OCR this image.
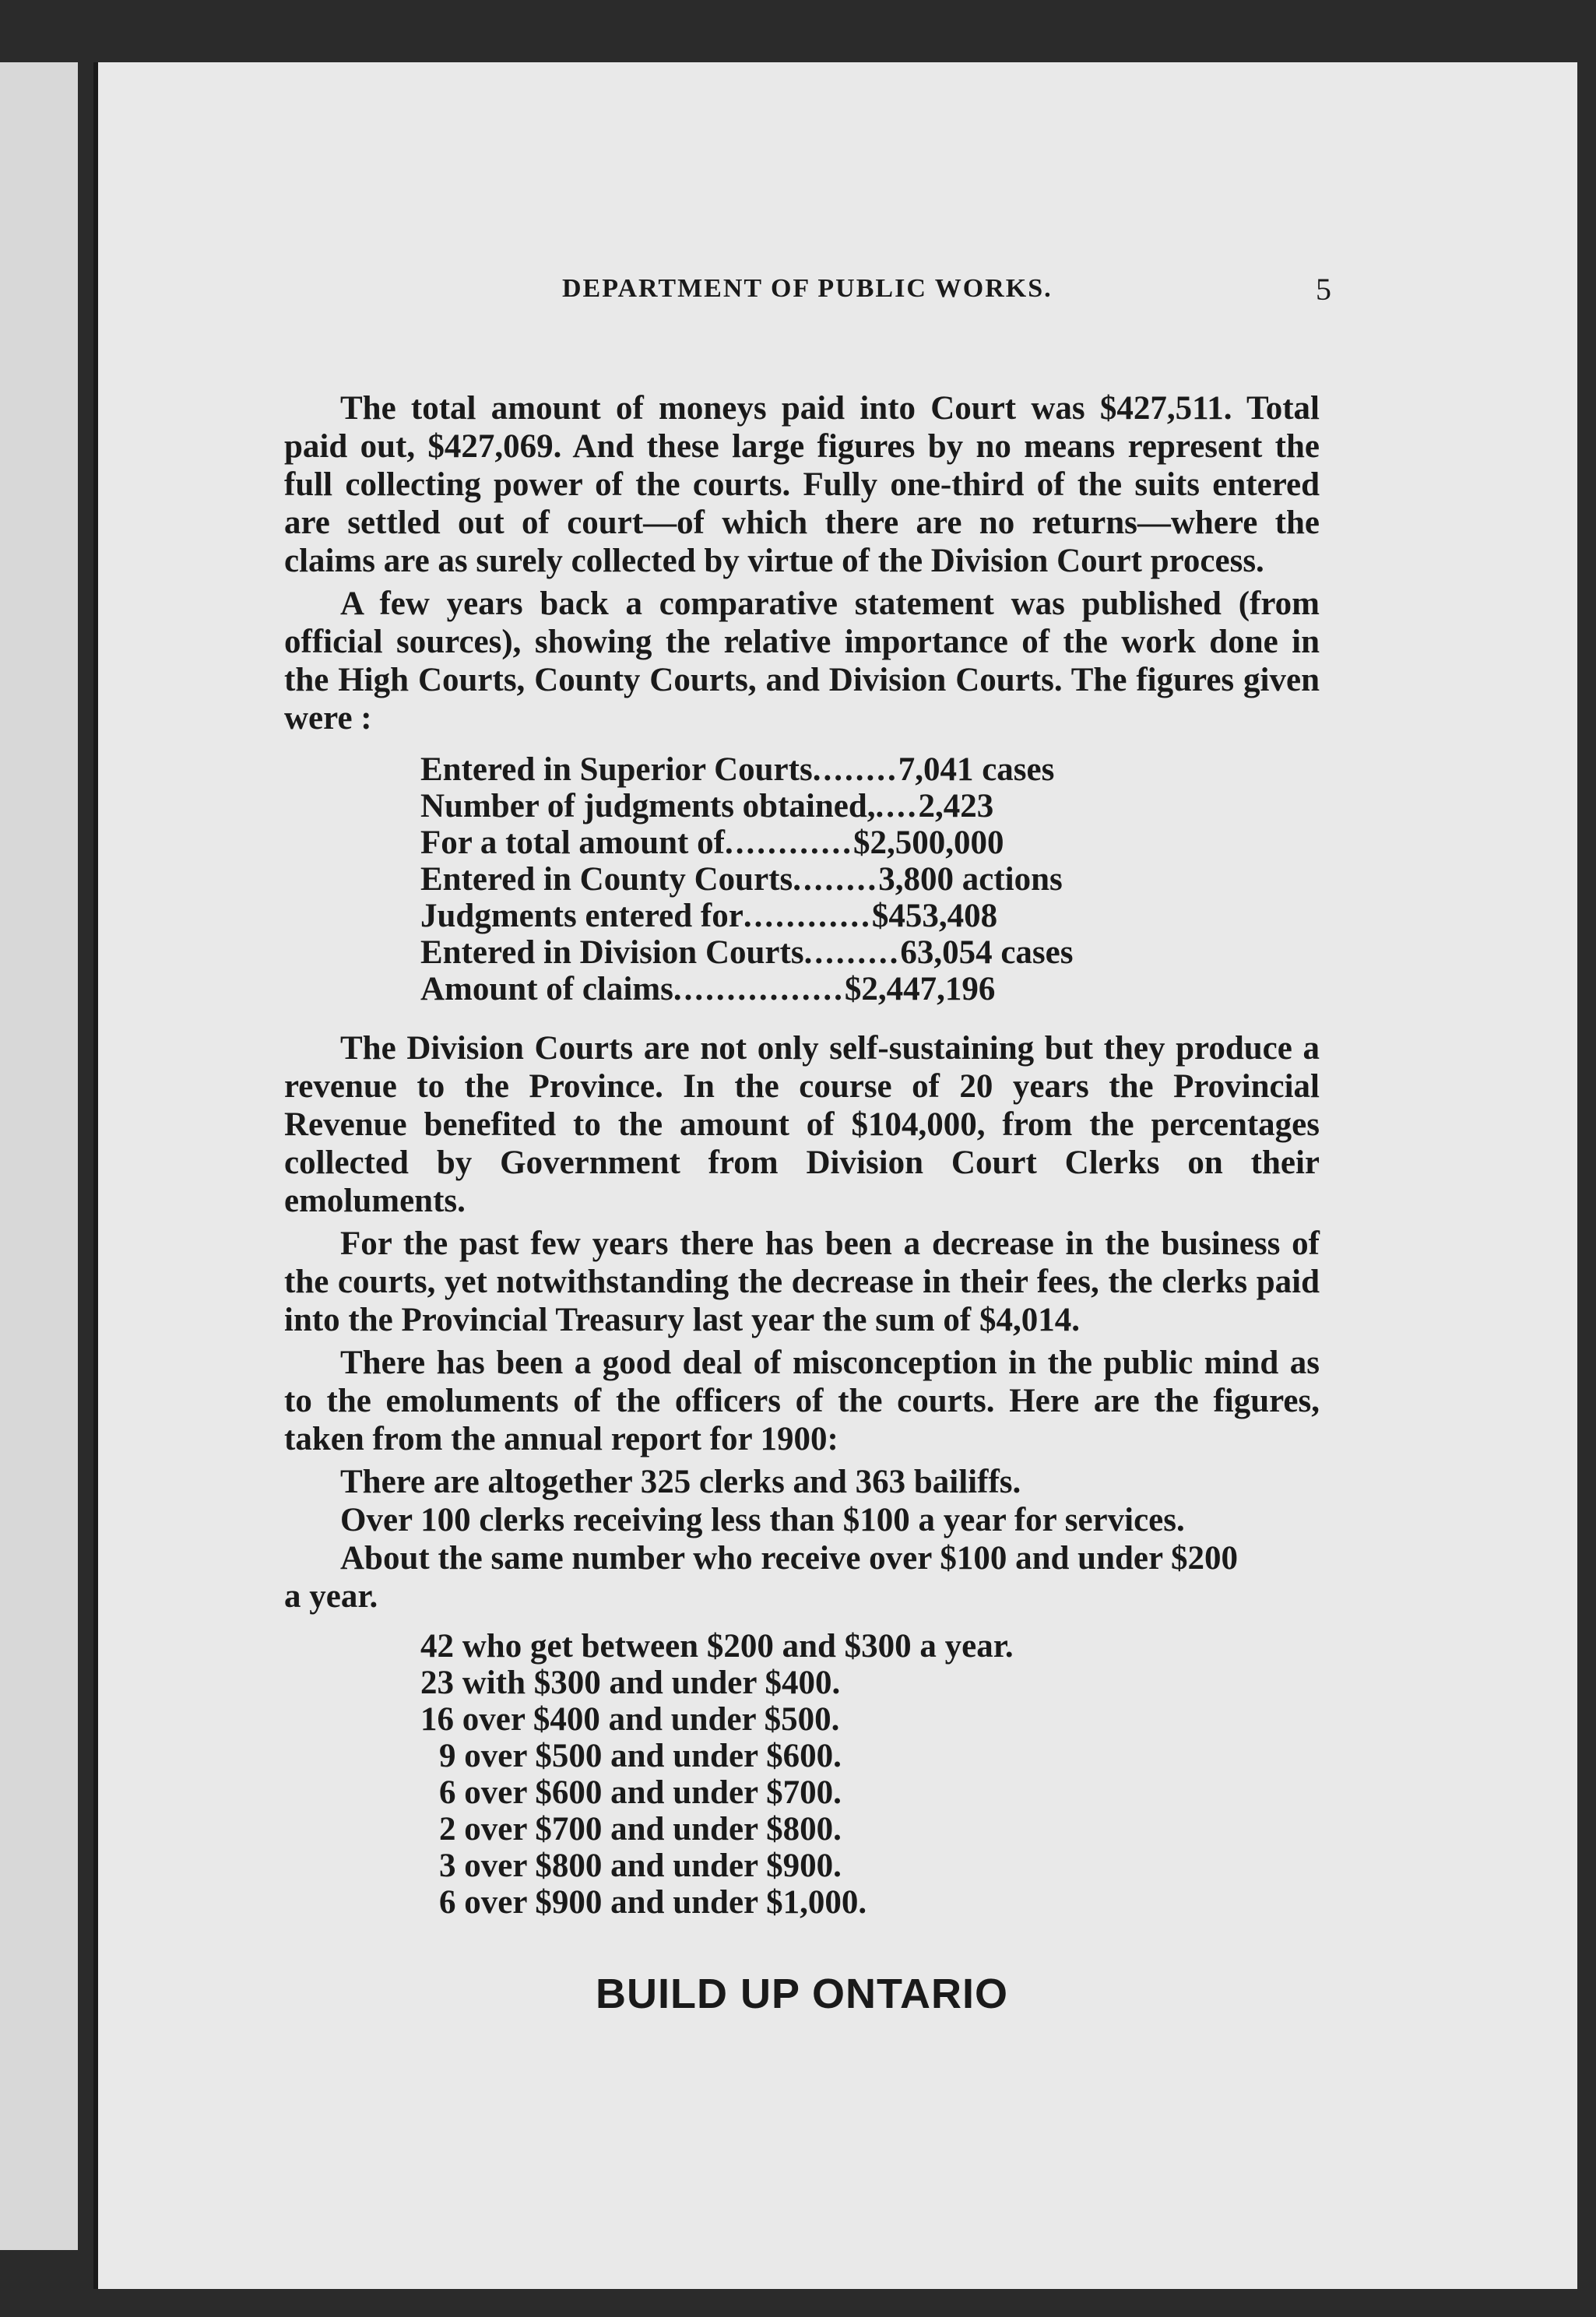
DEPARTMENT OF PUBLIC WORKS.	5

The total amount of moneys paid into Court was $427,511. Total paid out, $427,069. And these large figures by no means represent the full collecting power of the courts. Fully one-third of the suits entered are settled out of court—of which there are no returns—where the claims are as surely collected by virtue of the Division Court process.

A few years back a comparative statement was published (from official sources), showing the relative importance of the work done in the High Courts, County Courts, and Division Courts. The figures given were :

Entered in Superior Courts ........ 7,041 cases
Number of judgments obtained, .... 2,423
For a total amount of ............ $2,500,000
Entered in County Courts ........ 3,800 actions
Judgments entered for ............ $453,408
Entered in Division Courts ......... 63,054 cases
Amount of claims ................ $2,447,196

The Division Courts are not only self-sustaining but they produce a revenue to the Province. In the course of 20 years the Provincial Revenue benefited to the amount of $104,000, from the percentages collected by Government from Division Court Clerks on their emoluments.

For the past few years there has been a decrease in the business of the courts, yet notwithstanding the decrease in their fees, the clerks paid into the Provincial Treasury last year the sum of $4,014.

There has been a good deal of misconception in the public mind as to the emoluments of the officers of the courts. Here are the figures, taken from the annual report for 1900:

There are altogether 325 clerks and 363 bailiffs.

Over 100 clerks receiving less than $100 a year for services.

About the same number who receive over $100 and under $200

a year.

42 who get between $200 and $300 a year.

23 with $300 and under $400.

16 over $400 and under $500.

9 over $500 and under $600.

6 over $600 and under $700.

2 over $700 and under $800.

3 over $800 and under $900.

6 over $900 and under $1,000.

BUILD UP ONTARIO
